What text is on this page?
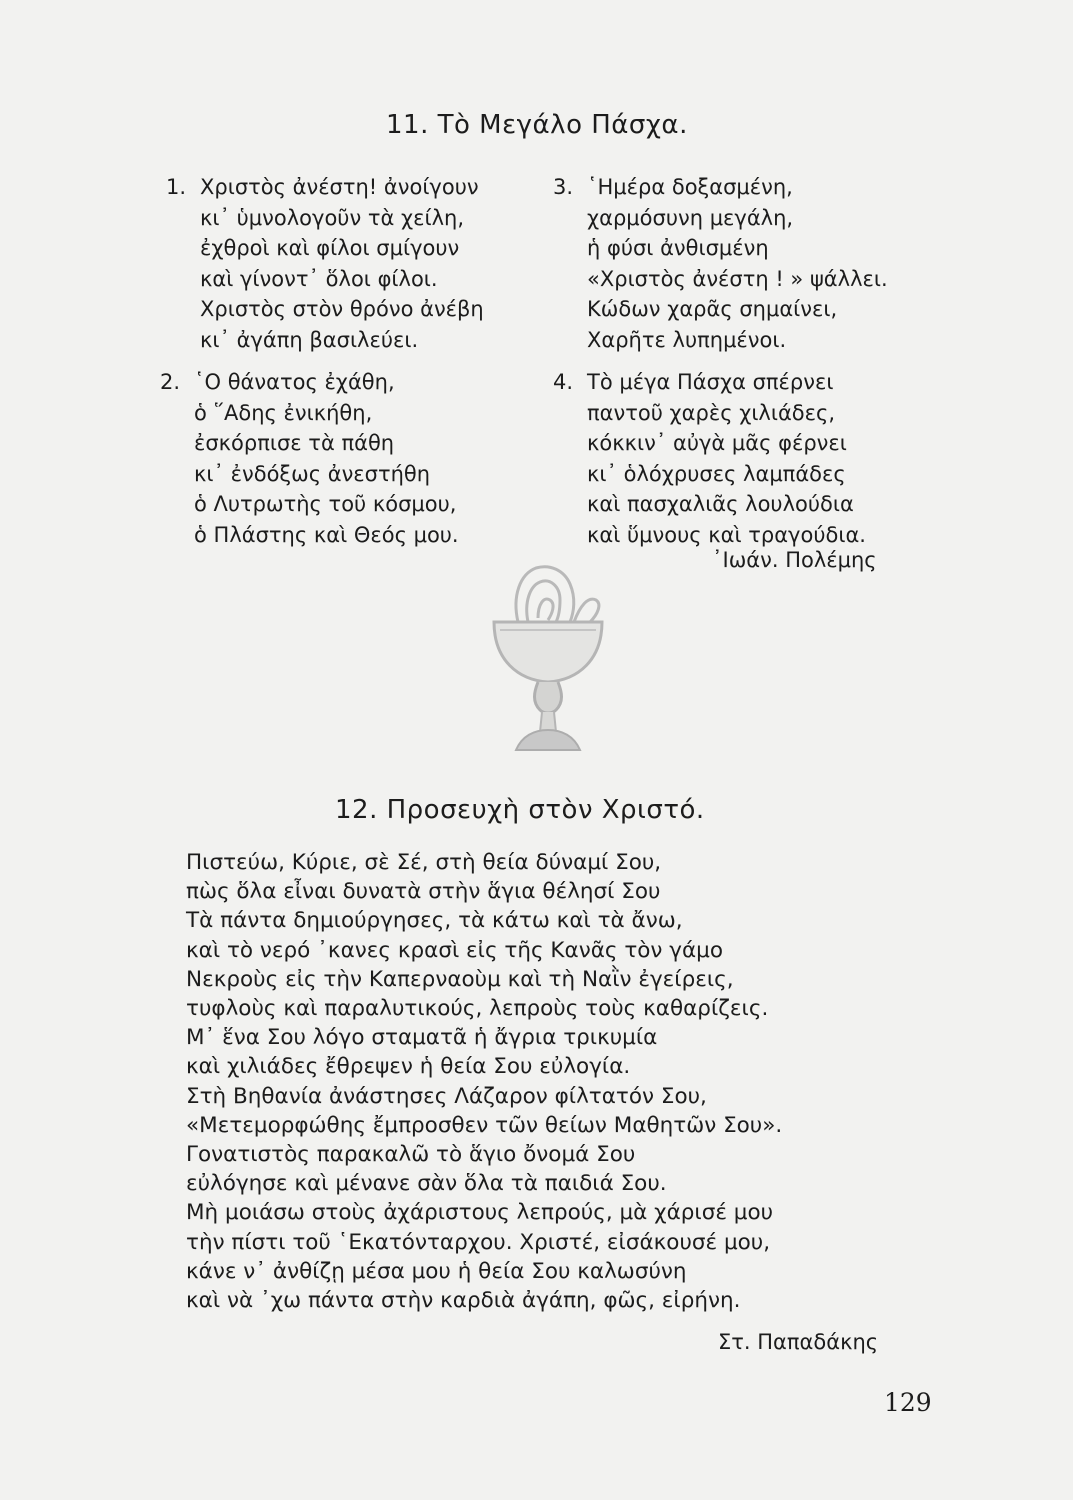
11. Τὸ Μεγάλο Πάσχα.
1. Χριστὸς ἀνέστη! ἀνοίγουν
κι᾽ ὑμνολογοῦν τὰ χείλη,
ἐχθροὶ καὶ φίλοι σμίγουν
καὶ γίνοντ᾽ ὅλοι φίλοι.
Χριστὸς στὸν θρόνο ἀνέβη
κι᾽ ἀγάπη βασιλεύει.
2. ῾Ο θάνατος ἐχάθη,
ὁ ῞Αδης ἐνικήθη,
ἐσκόρπισε τὰ πάθη
κι᾽ ἐνδόξως ἀνεστήθη
ὁ Λυτρωτὴς τοῦ κόσμου,
ὁ Πλάστης καὶ Θεός μου.
3. ῾Ημέρα δοξασμένη,
χαρμόσυνη μεγάλη,
ἡ φύσι ἀνθισμένη
«Χριστὸς ἀνέστη ! » ψάλλει.
Κώδων χαρᾶς σημαίνει,
Χαρῆτε λυπημένοι.
4. Τὸ μέγα Πάσχα σπέρνει
παντοῦ χαρὲς χιλιάδες,
κόκκιν᾽ αὐγὰ μᾶς φέρνει
κι᾽ ὁλόχρυσες λαμπάδες
καὶ πασχαλιᾶς λουλούδια
καὶ ὕμνους καὶ τραγούδια.
᾽Ιωάν. Πολέμης
12. Προσευχὴ στὸν Χριστό.
Πιστεύω, Κύριε, σὲ Σέ, στὴ θεία δύναμί Σου,
πὼς ὅλα εἶναι δυνατὰ στὴν ἅγια θέλησί Σου
Τὰ πάντα δημιούργησες, τὰ κάτω καὶ τὰ ἄνω,
καὶ τὸ νερό ᾽κανες κρασὶ εἰς τῆς Κανᾶς τὸν γάμο
Νεκροὺς εἰς τὴν Καπερναοὺμ καὶ τὴ Ναῒν ἐγείρεις,
τυφλοὺς καὶ παραλυτικούς, λεπροὺς τοὺς καθαρίζεις.
Μ᾽ ἕνα Σου λόγο σταματᾶ ἡ ἄγρια τρικυμία
καὶ χιλιάδες ἔθρεψεν ἡ θεία Σου εὐλογία.
Στὴ Βηθανία ἀνάστησες Λάζαρον φίλτατόν Σου,
«Μετεμορφώθης ἔμπροσθεν τῶν θείων Μαθητῶν Σου».
Γονατιστὸς παρακαλῶ τὸ ἅγιο ὄνομά Σου
εὐλόγησε καὶ μένανε σὰν ὅλα τὰ παιδιά Σου.
Μὴ μοιάσω στοὺς ἀχάριστους λεπρούς, μὰ χάρισέ μου
τὴν πίστι τοῦ ῾Εκατόνταρχου. Χριστέ, εἰσάκουσέ μου,
κάνε ν᾽ ἀνθίζῃ μέσα μου ἡ θεία Σου καλωσύνη
καὶ νὰ ᾽χω πάντα στὴν καρδιὰ ἀγάπη, φῶς, εἰρήνη.
Στ. Παπαδάκης
129
